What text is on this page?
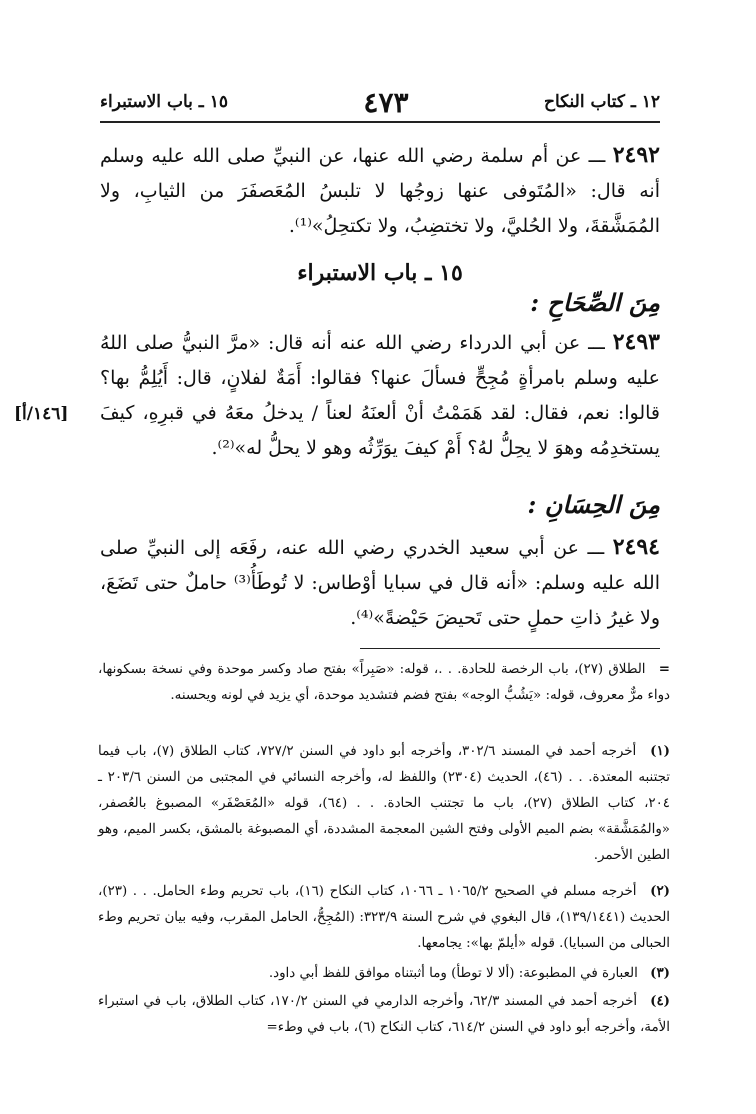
١٢ ـ كتاب النكاح
٤٧٣
١٥ ـ باب الاستبراء
٢٤٩٢ ـــ عن أم سلمة رضي الله عنها، عن النبيِّ صلى الله عليه وسلم أنه قال: «المُتَوفى عنها زوجُها لا تلبسُ المُعَصفَرَ من الثيابِ، ولا المُمَشَّقةَ، ولا الحُليَّ، ولا تختضِبُ، ولا تكتحِلُ»⁽¹⁾.
١٥ ـ باب الاستبراء
مِنَ الصِّحَاحِ :
٢٤٩٣ ـــ عن أبي الدرداء رضي الله عنه أنه قال: «مرَّ النبيُّ صلى اللهُ عليه وسلم بامرأةٍ مُجِحٍّ فسألَ عنها؟ فقالوا: أَمَةٌ لفلانٍ، قال: أَيُلِمُّ بها؟ قالوا: نعم، فقال: لقد هَمَمْتُ أنْ ألعنَهُ لعناً / يدخلُ معَهُ في قبرِهِ، كيفَ يستخدِمُه وهوَ لا يحِلُّ لهُ؟ أَمْ كيفَ يوَرِّثُه وهو لا يحلُّ له»⁽²⁾.
[١٤٦/أ]
مِنَ الحِسَانِ :
٢٤٩٤ ـــ عن أبي سعيد الخدري رضي الله عنه، رفَعَه إلى النبيِّ صلى الله عليه وسلم: «أنه قال في سبايا أوْطاس: لا تُوطَأُ⁽³⁾ حاملٌ حتى تَضَعَ، ولا غيرُ ذاتِ حملٍ حتى تَحيضَ حَيْضةً»⁽⁴⁾.
= الطلاق (٢٧)، باب الرخصة للحادة. . .، قوله: «صَبِراً» بفتح صاد وكسر موحدة وفي نسخة بسكونها، دواء مرٌّ معروف، قوله: «يَشُبُّ الوجه» بفتح فضم فتشديد موحدة، أي يزيد في لونه ويحسنه.
(١) أخرجه أحمد في المسند ٣٠٢/٦، وأخرجه أبو داود في السنن ٧٢٧/٢، كتاب الطلاق (٧)، باب فيما تجتنبه المعتدة. . . (٤٦)، الحديث (٢٣٠٤) واللفظ له، وأخرجه النسائي في المجتبى من السنن ٢٠٣/٦ ـ ٢٠٤، كتاب الطلاق (٢٧)، باب ما تجتنب الحادة. . . (٦٤)، قوله «المُعَصْفَر» المصبوغ بالعُصفر، «والمُمَشَّقة» بضم الميم الأولى وفتح الشين المعجمة المشددة، أي المصبوغة بالمشق، بكسر الميم، وهو الطين الأحمر.
(٢) أخرجه مسلم في الصحيح ١٠٦٥/٢ ـ ١٠٦٦، كتاب النكاح (١٦)، باب تحريم وطء الحامل. . . (٢٣)، الحديث (١٣٩/١٤٤١)، قال البغوي في شرح السنة ٣٢٣/٩: (المُجِحُّ، الحامل المقرب، وفيه بيان تحريم وطء الحبالى من السبايا). قوله «أيلمّ بها»: يجامعها.
(٣) العبارة في المطبوعة: (ألا لا توطأ) وما أثبتناه موافق للفظ أبي داود.
(٤) أخرجه أحمد في المسند ٦٢/٣، وأخرجه الدارمي في السنن ١٧٠/٢، كتاب الطلاق، باب في استبراء الأمة، وأخرجه أبو داود في السنن ٦١٤/٢، كتاب النكاح (٦)، باب في وطء=
